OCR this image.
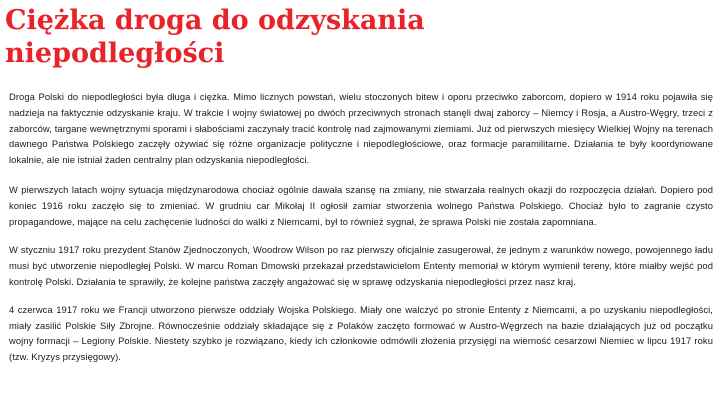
Ciężka droga do odzyskania
niepodległości

Droga Polski do niepodległości była długa i ciężka. Mimo licznych powstań, wielu stoczonych bitew i oporu przeciwko zaborcom, dopiero w 1914 roku pojawiła się nadzieja na faktycznie odzyskanie kraju. W trakcie I wojny światowej po dwóch przeciwnych stronach stanęli dwaj zaborcy – Niemcy i Rosja, a Austro-Węgry, trzeci z zaborców, targane wewnętrznymi sporami i słabościami zaczynały tracić kontrolę nad zajmowanymi ziemiami. Już od pierwszych miesięcy Wielkiej Wojny na terenach dawnego Państwa Polskiego zaczęły ożywiać się różne organizacje polityczne i niepodległościowe, oraz formacje paramilitarne. Działania te były koordynowane lokalnie, ale nie istniał żaden centralny plan odzyskania niepodległości.

W pierwszych latach wojny sytuacja międzynarodowa chociaż ogólnie dawała szansę na zmiany, nie stwarzała realnych okazji do rozpoczęcia działań. Dopiero pod koniec 1916 roku zaczęło się to zmieniać. W grudniu car Mikołaj II ogłosił zamiar stworzenia wolnego Państwa Polskiego. Chociaż było to zagranie czysto propagandowe, mające na celu zachęcenie ludności do walki z Niemcami, był to również sygnał, że sprawa Polski nie została zapomniana.

W styczniu 1917 roku prezydent Stanów Zjednoczonych, Woodrow Wilson po raz pierwszy oficjalnie zasugerował, że jednym z warunków nowego, powojennego ładu musi być utworzenie niepodległej Polski. W marcu Roman Dmowski przekazał przedstawicielom Ententy memoriał w którym wymienił tereny, które miałby wejść pod kontrolę Polski. Działania te sprawiły, że kolejne państwa zaczęły angażować się w sprawę odzyskania niepodległości przez nasz kraj.

4 czerwca 1917 roku we Francji utworzono pierwsze oddziały Wojska Polskiego. Miały one walczyć po stronie Ententy z Niemcami, a po uzyskaniu niepodległości, miały zasilić Polskie Siły Zbrojne. Równocześnie oddziały składające się z Polaków zaczęto formować w Austro-Węgrzech na bazie działających już od początku wojny formacji – Legiony Polskie. Niestety szybko je rozwiązano, kiedy ich członkowie odmówili złożenia przysięgi na wierność cesarzowi Niemiec w lipcu 1917 roku (tzw. Kryzys przysięgowy).
